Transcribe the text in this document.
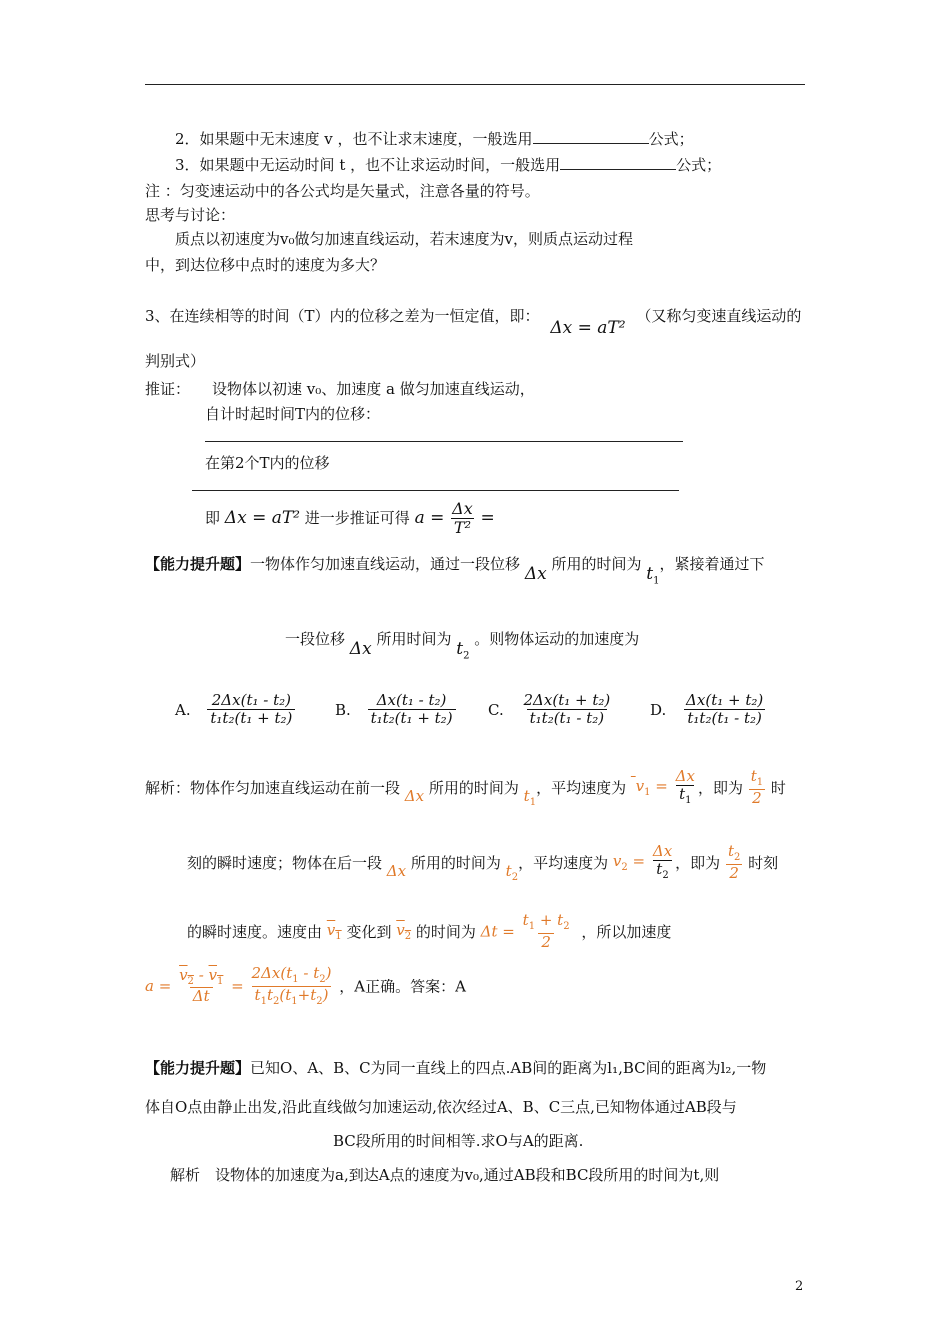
2．如果题中无末速度 v ，也不让求末速度，一般选用	公式；
3．如果题中无运动时间 t ，也不让求运动时间，一般选用	公式；
注 ：匀变速运动中的各公式均是矢量式，注意各量的符号。
思考与讨论：
质点以初速度为v₀做匀加速直线运动，若末速度为v，则质点运动过程
中，到达位移中点时的速度为多大？
3、在连续相等的时间（T）内的位移之差为一恒定值，即： Δx = aT² （又称匀变速直线运动的
判别式）
推证： 设物体以初速 v₀、加速度 a 做匀加速直线运动，
自计时起时间T内的位移：
在第2个T内的位移
即 Δx = aT² 进一步推证可得 $a = \frac{\Delta x}{\text{T²}}$ =
【能力提升题】一物体作匀加速直线运动，通过一段位移 Δx 所用的时间为 $t_1$，紧接着通过下
一段位移 Δx 所用时间为 $t_2$ 。则物体运动的加速度为
A. $\frac{\text{2Δx(t₁ - t₂)}}{\text{t₁t₂(t₁ + t₂)}}$	B. $\frac{\text{Δx(t₁ - t₂)}}{\text{t₁t₂(t₁ + t₂)}} C$. $\frac{\text{2Δx(t₁ + t₂)}}{\text{t₁t₂(t₁ - t₂)}} D$. $\frac{\text{Δx(t₁ + t₂)}}{\text{t₁t₂(t₁ - t₂)}}$
解析：物体作匀加速直线运动在前一段 Δx 所用的时间为 $t_1$，平均速度为 $v_1 = \frac{\Delta x}{t_1}$ ，即为 $\frac{t_1}{2}$ 时
刻的瞬时速度；物体在后一段 Δx 所用的时间为 $t_2$，平均速度为 $v_2 = \frac{\Delta x}{t_2}$ ，即为 $\frac{t_2}{2}$ 时刻
的瞬时速度。速度由 $v_1$ 变化到 $v_2$ 的时间为 $\Delta t = \frac{t_1 + t_2}{2}$ ，所以加速度
$a = \frac{v_2 - v_1}{\Delta t} = \frac{2\Delta x(t_1 - t_2)}{t_1t_2(t_1+t_2)}$ ，A正确。答案：A
【能力提升题】已知O、A、B、C为同一直线上的四点.AB间的距离为l₁,BC间的距离为l₂,一物
体自O点由静止出发,沿此直线做匀加速运动,依次经过A、B、C三点,已知物体通过AB段与
BC段所用的时间相等.求O与A的距离.
解析　设物体的加速度为a,到达A点的速度为v₀,通过AB段和BC段所用的时间为t,则
2
